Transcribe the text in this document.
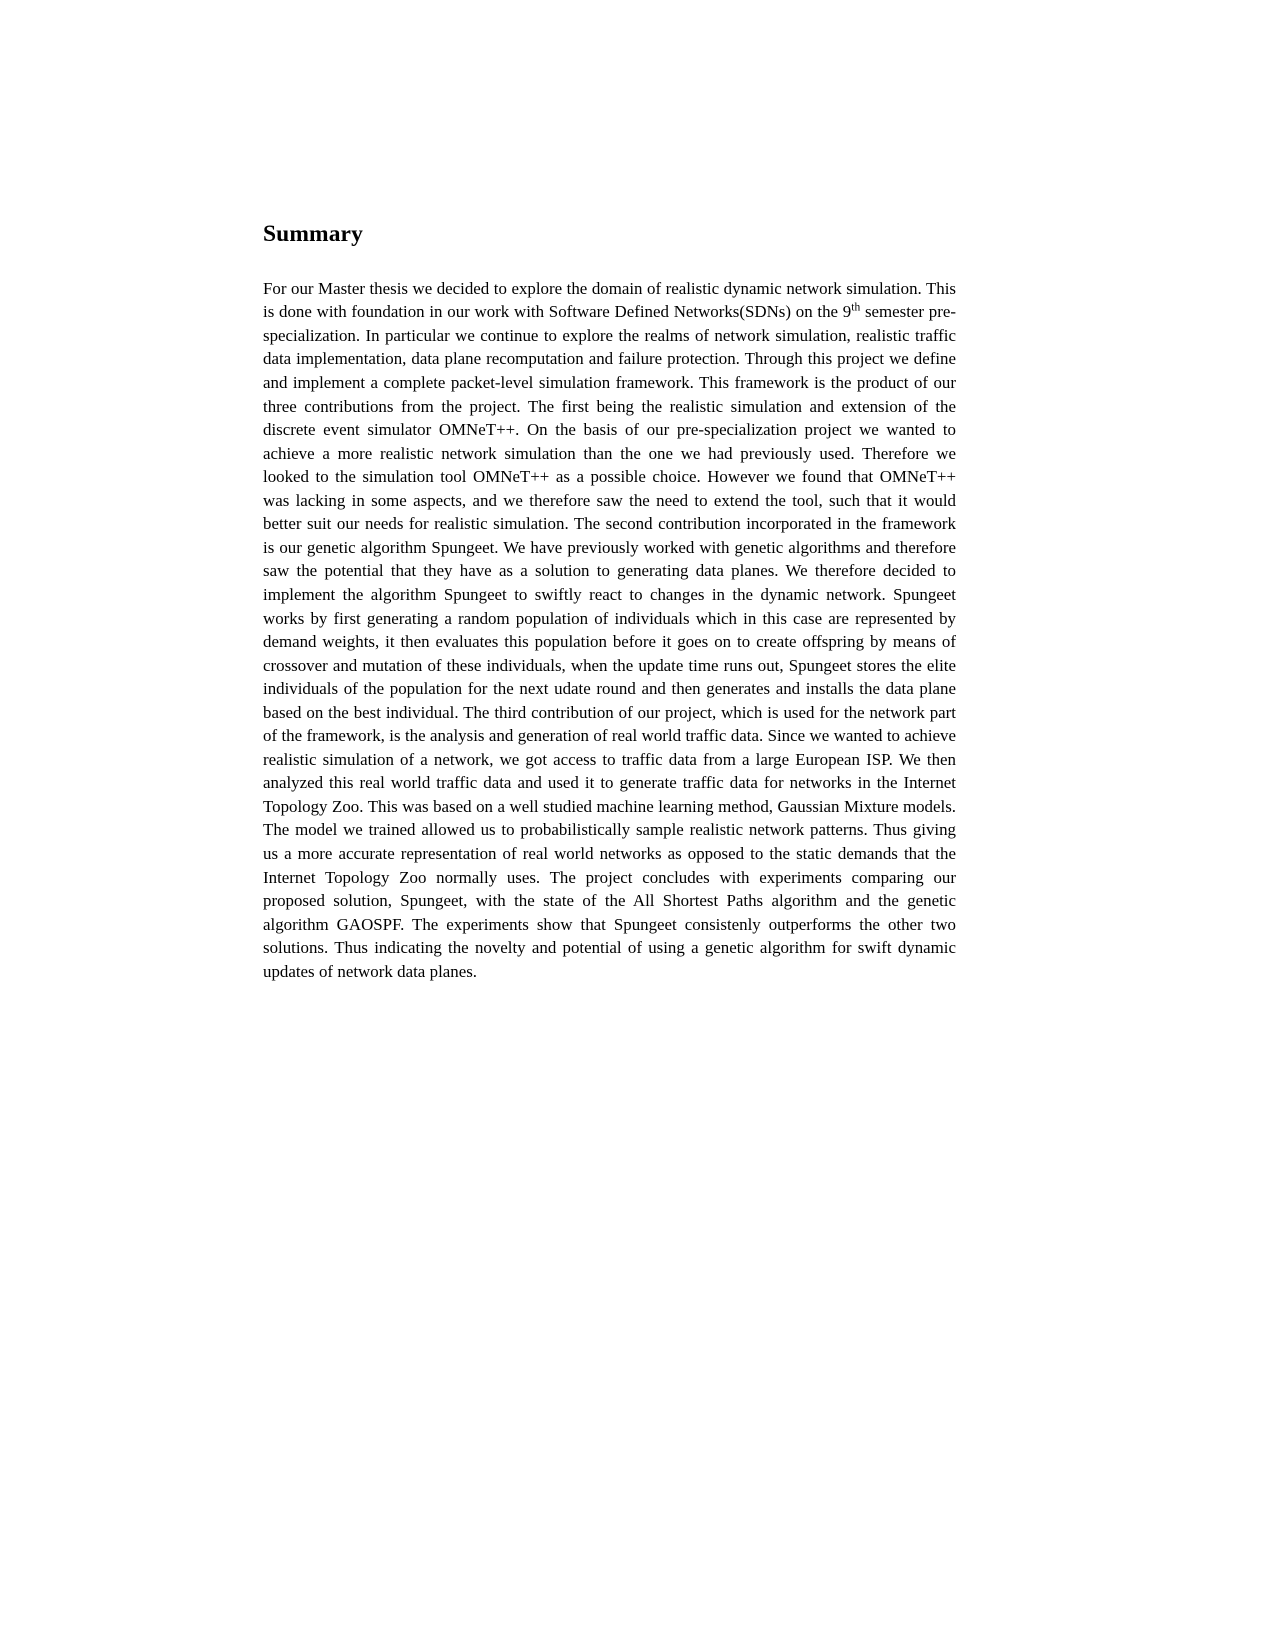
Summary

For our Master thesis we decided to explore the domain of realistic dynamic network simulation. This is done with foundation in our work with Software Defined Networks(SDNs) on the 9th semester pre-specialization. In particular we continue to explore the realms of network simulation, realistic traffic data implementation, data plane recomputation and failure protection. Through this project we define and implement a complete packet-level simulation framework. This framework is the product of our three contributions from the project. The first being the realistic simulation and extension of the discrete event simulator OMNeT++. On the basis of our pre-specialization project we wanted to achieve a more realistic network simulation than the one we had previously used. Therefore we looked to the simulation tool OMNeT++ as a possible choice. However we found that OMNeT++ was lacking in some aspects, and we therefore saw the need to extend the tool, such that it would better suit our needs for realistic simulation. The second contribution incorporated in the framework is our genetic algorithm Spungeet. We have previously worked with genetic algorithms and therefore saw the potential that they have as a solution to generating data planes. We therefore decided to implement the algorithm Spungeet to swiftly react to changes in the dynamic network. Spungeet works by first generating a random population of individuals which in this case are represented by demand weights, it then evaluates this population before it goes on to create offspring by means of crossover and mutation of these individuals, when the update time runs out, Spungeet stores the elite individuals of the population for the next udate round and then generates and installs the data plane based on the best individual. The third contribution of our project, which is used for the network part of the framework, is the analysis and generation of real world traffic data. Since we wanted to achieve realistic simulation of a network, we got access to traffic data from a large European ISP. We then analyzed this real world traffic data and used it to generate traffic data for networks in the Internet Topology Zoo. This was based on a well studied machine learning method, Gaussian Mixture models. The model we trained allowed us to probabilistically sample realistic network patterns. Thus giving us a more accurate representation of real world networks as opposed to the static demands that the Internet Topology Zoo normally uses. The project concludes with experiments comparing our proposed solution, Spungeet, with the state of the All Shortest Paths algorithm and the genetic algorithm GAOSPF. The experiments show that Spungeet consistenly outperforms the other two solutions. Thus indicating the novelty and potential of using a genetic algorithm for swift dynamic updates of network data planes.
